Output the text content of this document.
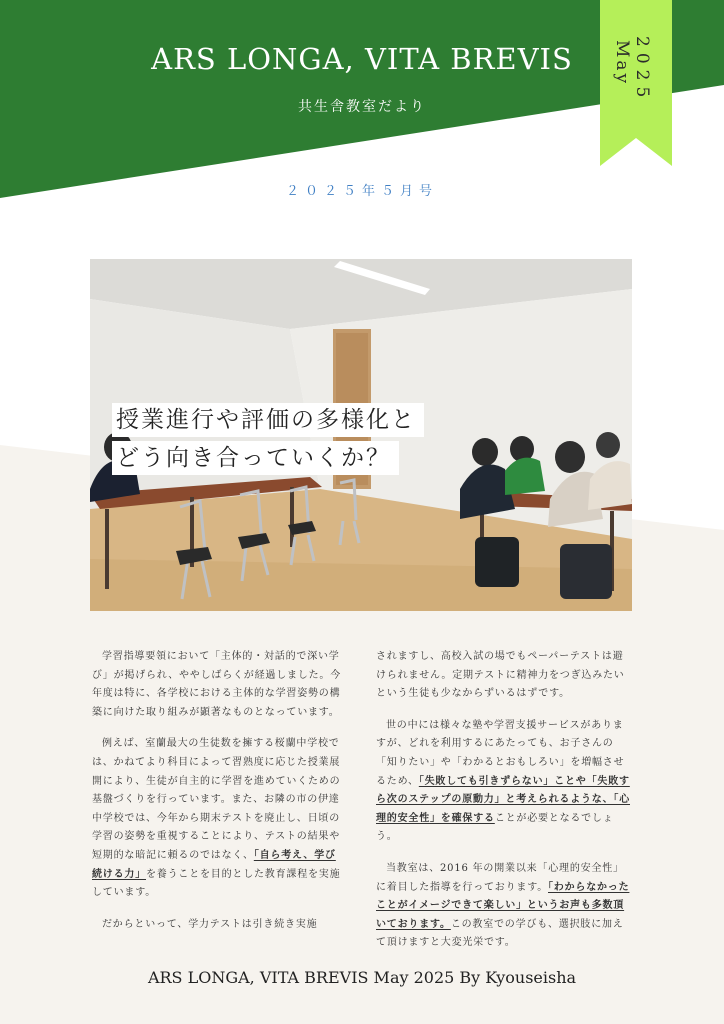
ARS LONGA, VITA BREVIS
共生舎教室だより
2025
May
２０２５年５月号
授業進行や評価の多様化と
どう向き合っていくか？

学習指導要領において「主体的・対話的で深い学び」が掲げられ、ややしばらくが経過しました。今年度は特に、各学校における主体的な学習姿勢の構築に向けた取り組みが顕著なものとなっています。

例えば、室蘭最大の生徒数を擁する桜蘭中学校では、かねてより科目によって習熟度に応じた授業展開により、生徒が自主的に学習を進めていくための基盤づくりを行っています。また、お隣の市の伊達中学校では、今年から期末テストを廃止し、日頃の学習の姿勢を重視することにより、テストの結果や短期的な暗記に頼るのではなく、「自ら考え、学び続ける力」を養うことを目的とした教育課程を実施しています。

だからといって、学力テストは引き続き実施

されますし、高校入試の場でもペーパーテストは避けられません。定期テストに精神力をつぎ込みたいという生徒も少なからずいるはずです。

世の中には様々な塾や学習支援サービスがありますが、どれを利用するにあたっても、お子さんの「知りたい」や「わかるとおもしろい」を増幅させるため、「失敗しても引きずらない」ことや「失敗すら次のステップの原動力」と考えられるような、「心理的安全性」を確保することが必要となるでしょう。

当教室は、2016 年の開業以来「心理的安全性」に着目した指導を行っております。「わからなかったことがイメージできて楽しい」というお声も多数頂いております。この教室での学びも、選択肢に加えて頂けますと大変光栄です。

ARS LONGA, VITA BREVIS May 2025 By Kyouseisha
